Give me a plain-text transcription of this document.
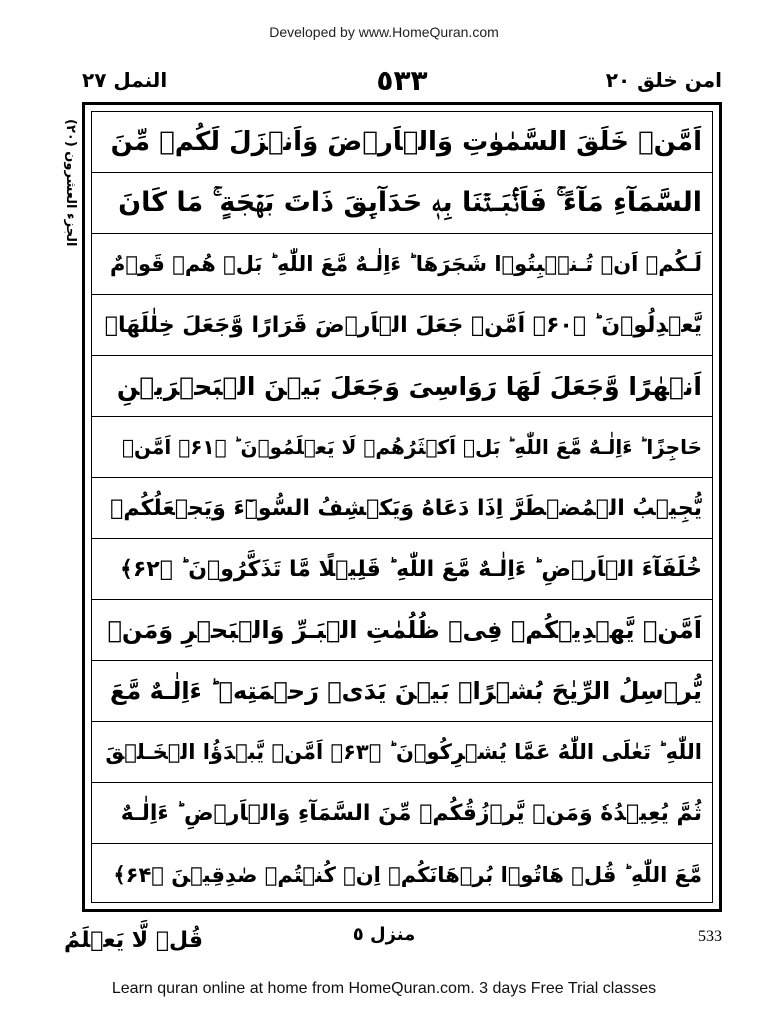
Developed by www.HomeQuran.com
النمل ٢٧	٥٣٣	امن خلق ٢٠
الجزء العشرون (٢٠) اَمَّنۡ خَلَقَ السَّمٰوٰتِ وَالۡاَرۡضَ وَاَنۡزَلَ لَكُمۡ مِّنَ
السَّمَآءِ مَآءً ۚ فَاَنۡۢبَـتۡنَا بِهٖ حَدَآٮِٕقَ ذَاتَ بَهۡجَةٍ ۚ مَا كَانَ
لَـكُمۡ اَنۡ تُـنۡۢبِتُوۡا شَجَرَهَا ؕ ءَاِلٰـهٌ مَّعَ اللّٰهِ ؕ بَلۡ هُمۡ قَوۡمٌ
يَّعۡدِلُوۡنَ ؕ ﴿۶۰﴾ اَمَّنۡ جَعَلَ الۡاَرۡضَ قَرَارًا وَّجَعَلَ خِلٰلَهَاۤ
اَنۡهٰرًا وَّجَعَلَ لَهَا رَوَاسِىَ وَجَعَلَ بَيۡنَ الۡبَحۡرَيۡنِ
حَاجِزًا ؕ ءَاِلٰـهٌ مَّعَ اللّٰهِ ؕ بَلۡ اَكۡثَرُهُمۡ لَا يَعۡلَمُوۡنَ ؕ ﴿۶۱﴾ اَمَّنۡ
يُّجِيۡبُ الۡمُضۡطَرَّ اِذَا دَعَاهُ وَيَكۡشِفُ السُّوۡٓءَ وَيَجۡعَلُكُمۡ
خُلَفَآءَ الۡاَرۡضِ ؕ ءَاِلٰـهٌ مَّعَ اللّٰهِ ؕ قَلِيۡلًا مَّا تَذَكَّرُوۡنَ ؕ ﴿۶۲﴾
اَمَّنۡ يَّهۡدِيۡكُمۡ فِىۡ ظُلُمٰتِ الۡبَـرِّ وَالۡبَحۡرِ وَمَنۡ
يُّرۡسِلُ الرِّيٰحَ بُشۡرًاۢ بَيۡنَ يَدَىۡ رَحۡمَتِهٖ ؕ ءَاِلٰـهٌ مَّعَ
اللّٰهِ ؕ تَعٰلَى اللّٰهُ عَمَّا يُشۡرِكُوۡنَ ؕ ﴿۶۳﴾ اَمَّنۡ يَّبۡدَؤُا الۡخَـلۡقَ
ثُمَّ يُعِيۡدُهٗ وَمَنۡ يَّرۡزُقُكُمۡ مِّنَ السَّمَآءِ وَالۡاَرۡضِ ؕ ءَاِلٰـهٌ
مَّعَ اللّٰهِ ؕ قُلۡ هَاتُوۡا بُرۡهَانَكُمۡ اِنۡ كُنۡتُمۡ صٰدِقِيۡنَ ﴿۶۴﴾
قُلۡ لَّا يَعۡلَمُ	منزل ٥	533
Learn quran online at home from HomeQuran.com. 3 days Free Trial classes
